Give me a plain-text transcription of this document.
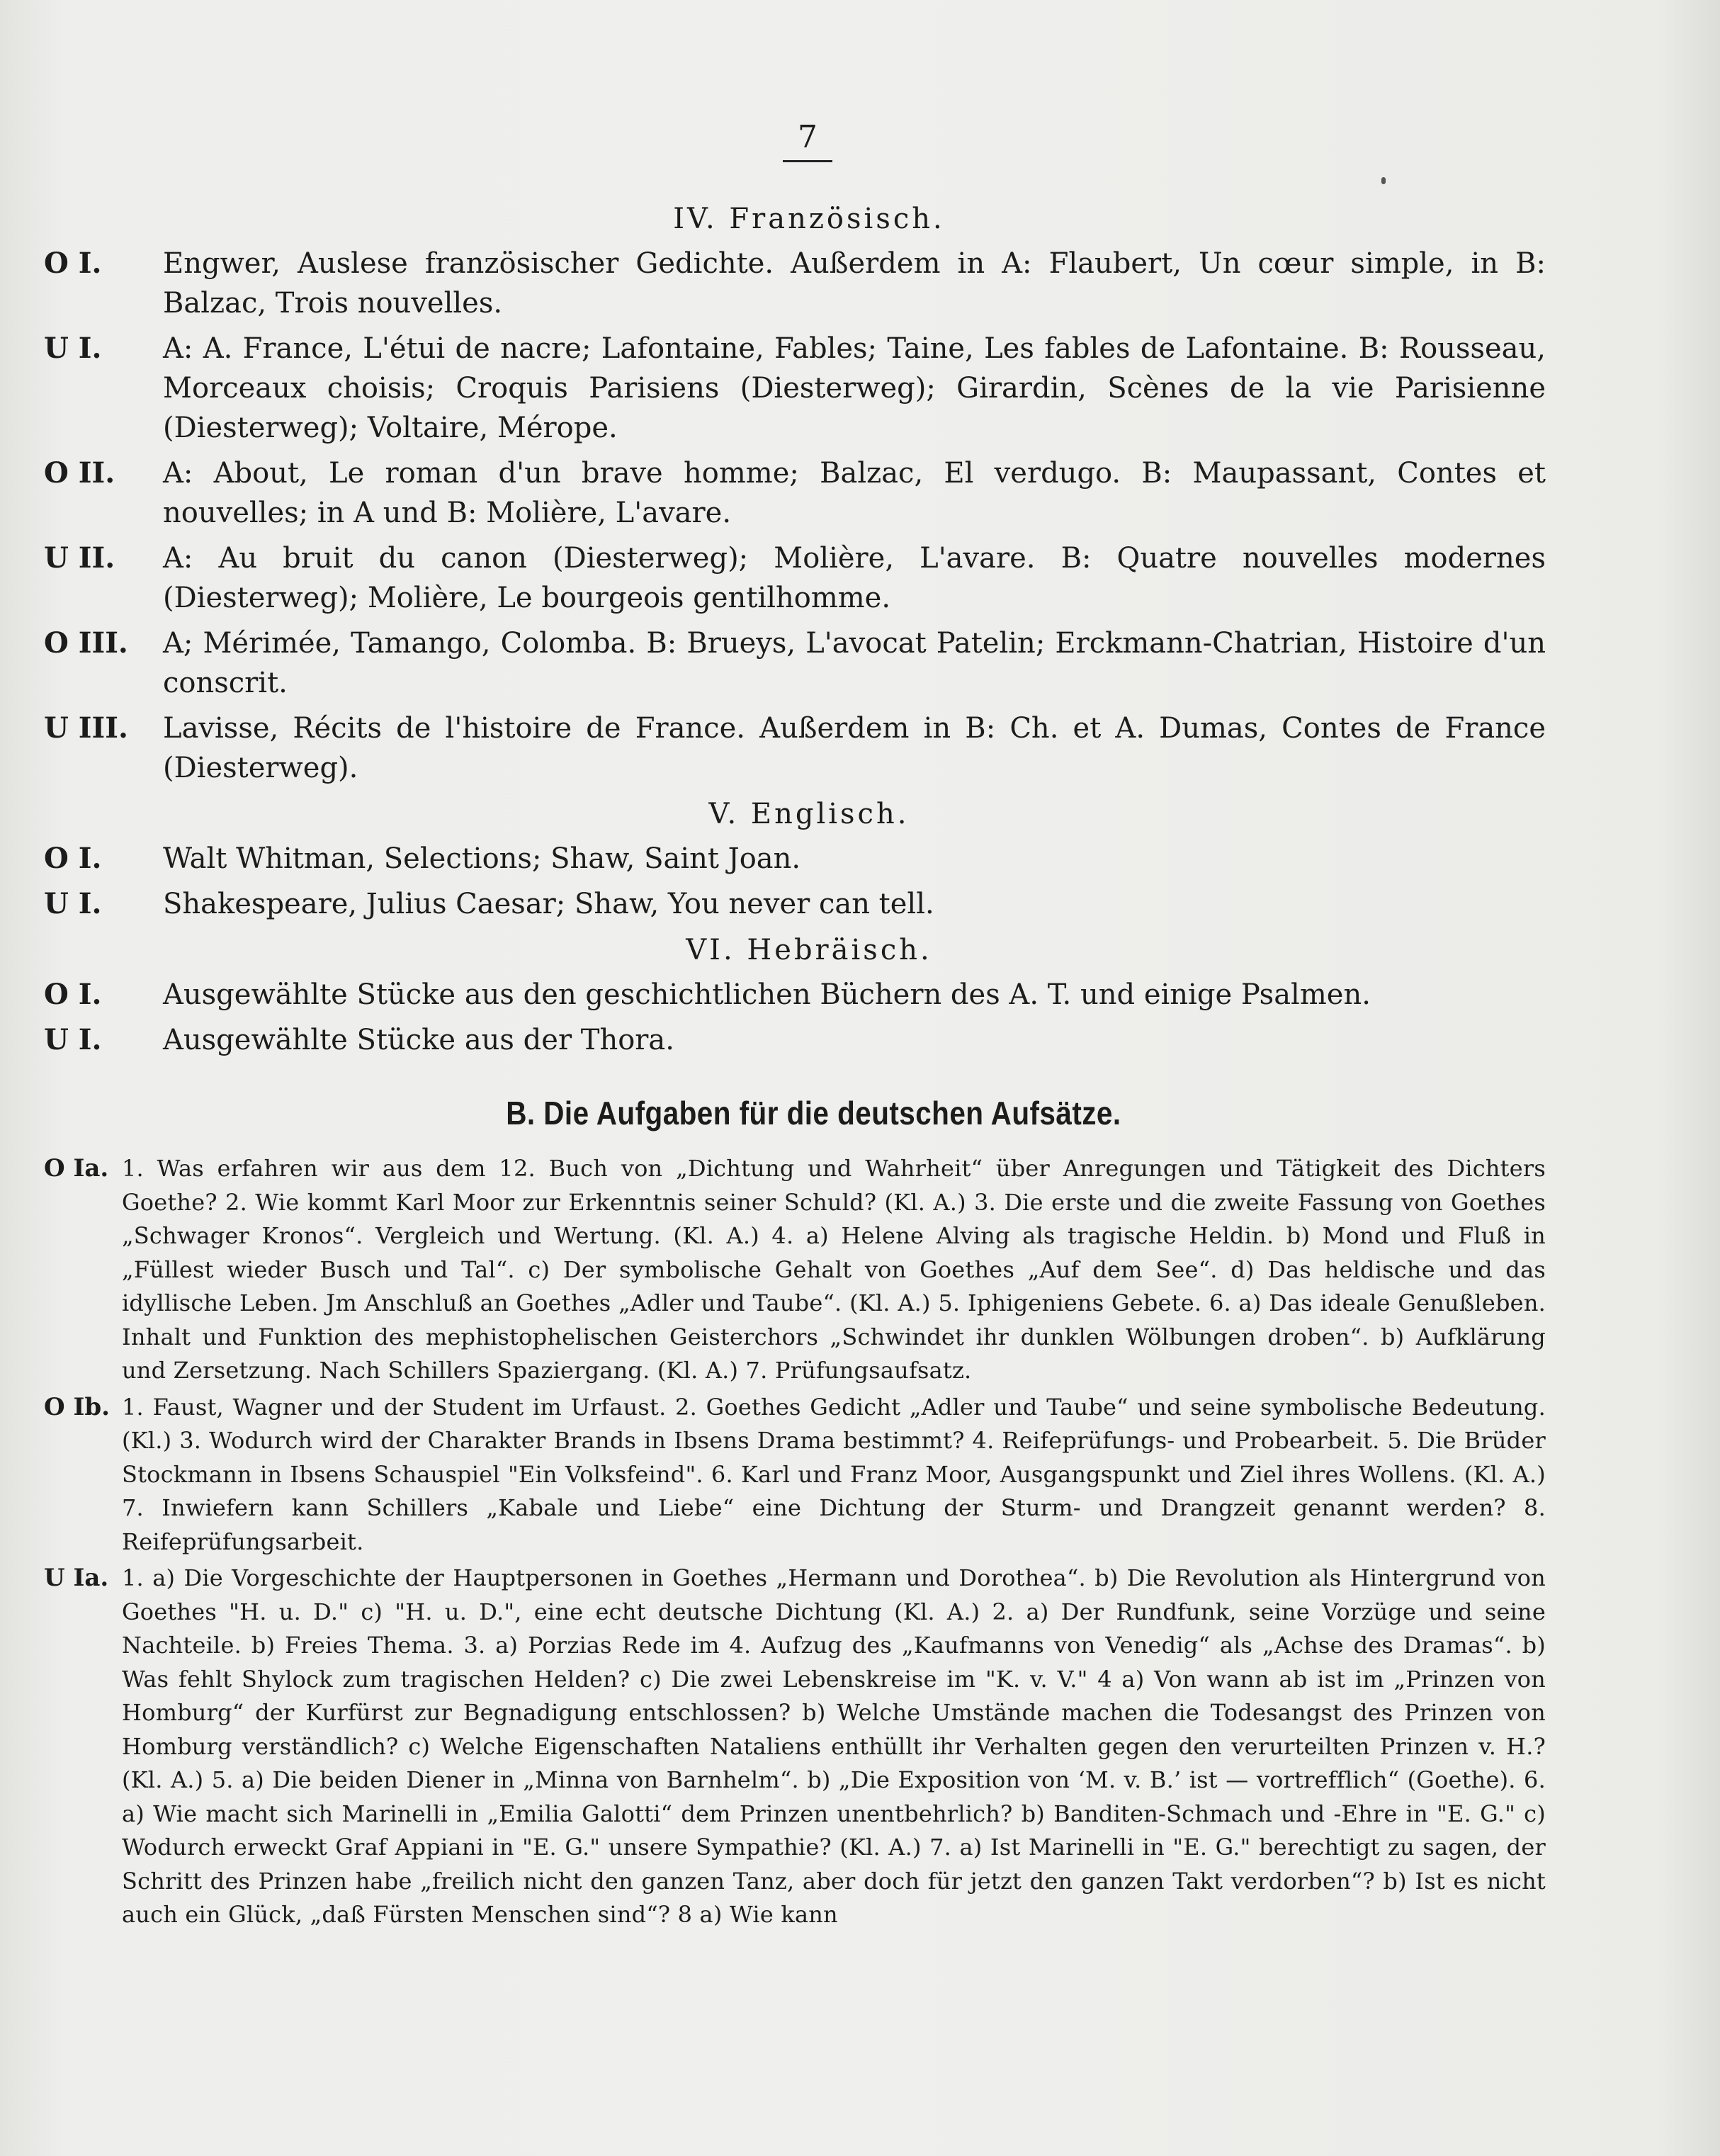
7
IV. Französisch.
O I.	Engwer, Auslese französischer Gedichte. Außerdem in A: Flaubert, Un cœur simple, in B: Balzac, Trois nouvelles.
U I.	A: A. France, L'étui de nacre; Lafontaine, Fables; Taine, Les fables de Lafontaine. B: Rousseau, Morceaux choisis; Croquis Parisiens (Diesterweg); Girardin, Scènes de la vie Parisienne (Diesterweg); Voltaire, Mérope.
O II.	A: About, Le roman d'un brave homme; Balzac, El verdugo. B: Maupassant, Contes et nouvelles; in A und B: Molière, L'avare.
U II.	A: Au bruit du canon (Diesterweg); Molière, L'avare. B: Quatre nouvelles modernes (Diesterweg); Molière, Le bourgeois gentilhomme.
O III.	A; Mérimée, Tamango, Colomba. B: Brueys, L'avocat Patelin; Erckmann-Chatrian, Histoire d'un conscrit.
U III.	Lavisse, Récits de l'histoire de France. Außerdem in B: Ch. et A. Dumas, Contes de France (Diesterweg).
V. Englisch.
O I.	Walt Whitman, Selections; Shaw, Saint Joan.
U I.	Shakespeare, Julius Caesar; Shaw, You never can tell.
VI. Hebräisch.
O I.	Ausgewählte Stücke aus den geschichtlichen Büchern des A. T. und einige Psalmen.
U I.	Ausgewählte Stücke aus der Thora.
B. Die Aufgaben für die deutschen Aufsätze.
O Ia. 1. Was erfahren wir aus dem 12. Buch von „Dichtung und Wahrheit“ über Anregungen und Tätigkeit des Dichters Goethe? 2. Wie kommt Karl Moor zur Erkenntnis seiner Schuld? (Kl. A.) 3. Die erste und die zweite Fassung von Goethes „Schwager Kronos“. Vergleich und Wertung. (Kl. A.) 4. a) Helene Alving als tragische Heldin. b) Mond und Fluß in „Füllest wieder Busch und Tal“. c) Der symbolische Gehalt von Goethes „Auf dem See“. d) Das heldische und das idyllische Leben. Jm Anschluß an Goethes „Adler und Taube“. (Kl. A.) 5. Iphigeniens Gebete. 6. a) Das ideale Genußleben. Inhalt und Funktion des mephistophelischen Geisterchors „Schwindet ihr dunklen Wölbungen droben“. b) Aufklärung und Zersetzung. Nach Schillers Spaziergang. (Kl. A.) 7. Prüfungsaufsatz.
O Ib. 1. Faust, Wagner und der Student im Urfaust. 2. Goethes Gedicht „Adler und Taube“ und seine symbolische Bedeutung. (Kl.) 3. Wodurch wird der Charakter Brands in Ibsens Drama bestimmt? 4. Reifeprüfungs- und Probearbeit. 5. Die Brüder Stockmann in Ibsens Schauspiel "Ein Volksfeind". 6. Karl und Franz Moor, Ausgangspunkt und Ziel ihres Wollens. (Kl. A.) 7. Inwiefern kann Schillers „Kabale und Liebe“ eine Dichtung der Sturm- und Drangzeit genannt werden? 8. Reifeprüfungsarbeit.
U Ia. 1. a) Die Vorgeschichte der Hauptpersonen in Goethes „Hermann und Dorothea“. b) Die Revolution als Hintergrund von Goethes "H. u. D." c) "H. u. D.", eine echt deutsche Dichtung (Kl. A.) 2. a) Der Rundfunk, seine Vorzüge und seine Nachteile. b) Freies Thema. 3. a) Porzias Rede im 4. Aufzug des „Kaufmanns von Venedig“ als „Achse des Dramas“. b) Was fehlt Shylock zum tragischen Helden? c) Die zwei Lebenskreise im "K. v. V." 4 a) Von wann ab ist im „Prinzen von Homburg“ der Kurfürst zur Begnadigung entschlossen? b) Welche Umstände machen die Todesangst des Prinzen von Homburg verständlich? c) Welche Eigenschaften Nataliens enthüllt ihr Verhalten gegen den verurteilten Prinzen v. H.? (Kl. A.) 5. a) Die beiden Diener in „Minna von Barnhelm“. b) „Die Exposition von ‘M. v. B.’ ist — vortrefflich“ (Goethe). 6. a) Wie macht sich Marinelli in „Emilia Galotti“ dem Prinzen unentbehrlich? b) Banditen-Schmach und -Ehre in "E. G." c) Wodurch erweckt Graf Appiani in "E. G." unsere Sympathie? (Kl. A.) 7. a) Ist Marinelli in "E. G." berechtigt zu sagen, der Schritt des Prinzen habe „freilich nicht den ganzen Tanz, aber doch für jetzt den ganzen Takt verdorben“? b) Ist es nicht auch ein Glück, „daß Fürsten Menschen sind“? 8 a) Wie kann
